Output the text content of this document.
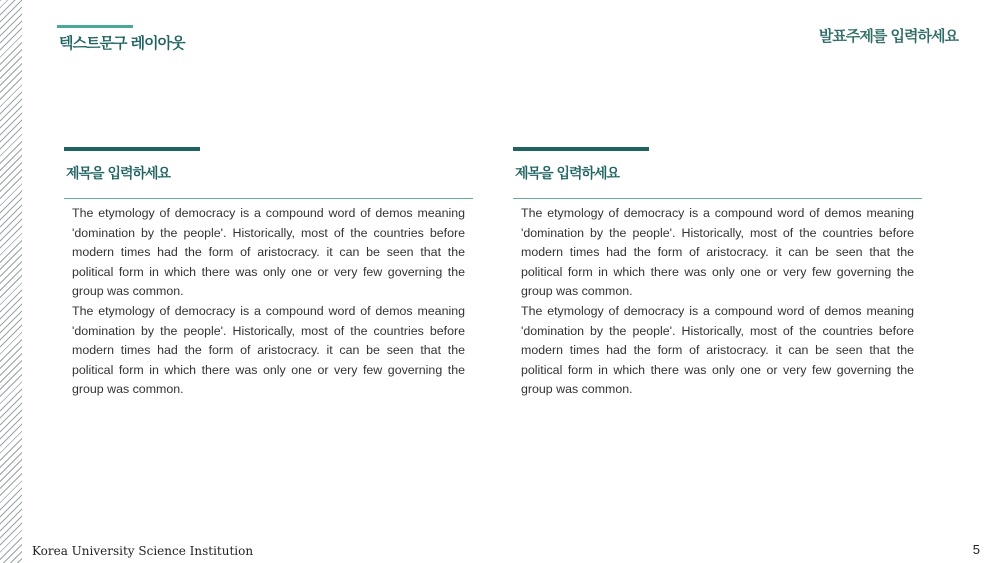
텍스트문구 레이아웃	발표주제를 입력하세요
제목을 입력하세요

The etymology of democracy is a compound word of demos meaning 'domination by the people'. Historically, most of the countries before modern times had the form of aristocracy. it can be seen that the political form in which there was only one or very few governing the group was common.

The etymology of democracy is a compound word of demos meaning 'domination by the people'. Historically, most of the countries before modern times had the form of aristocracy. it can be seen that the political form in which there was only one or very few governing the group was common.

제목을 입력하세요

The etymology of democracy is a compound word of demos meaning 'domination by the people'. Historically, most of the countries before modern times had the form of aristocracy. it can be seen that the political form in which there was only one or very few governing the group was common.

The etymology of democracy is a compound word of demos meaning 'domination by the people'. Historically, most of the countries before modern times had the form of aristocracy. it can be seen that the political form in which there was only one or very few governing the group was common.

Korea University Science Institution	5
